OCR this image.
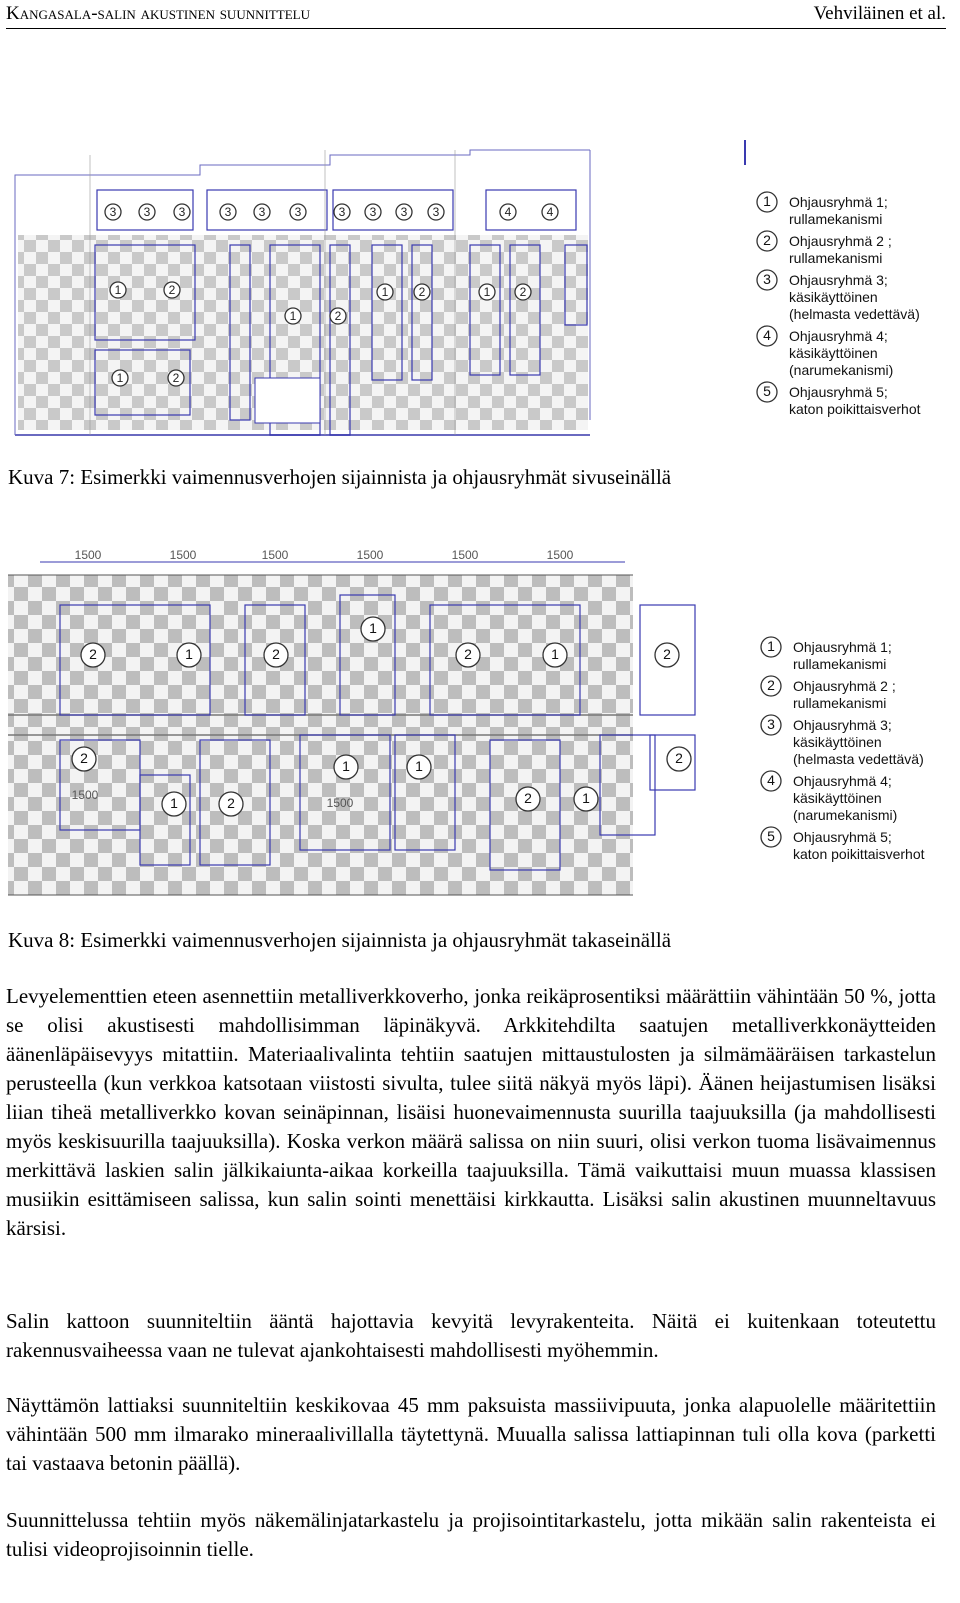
Kangasala-salin akustinen suunnittelu	Vehviläinen et al.
3 3 3	3 3 3	3 3 3 3	4	4
1	2
1	2
1	2	1 2
1	2
1 Ohjausryhmä 1;
rullamekanismi
2 Ohjausryhmä 2 ;
rullamekanismi
3 Ohjausryhmä 3;
käsikäyttöinen
(helmasta vedettävä)
4 Ohjausryhmä 4;
käsikäyttöinen
(narumekanismi)
5 Ohjausryhmä 5;
katon poikittaisverhot
Kuva 7: Esimerkki vaimennusverhojen sijainnista ja ohjausryhmät sivuseinällä
1500	1500	1500	1500	1500	1500
1500
1500
1
2	1	2	2	1	2
2	1	1	2
1	2	2	1
1 Ohjausryhmä 1;
rullamekanismi
2 Ohjausryhmä 2 ;
rullamekanismi
3 Ohjausryhmä 3;
käsikäyttöinen
(helmasta vedettävä)
4 Ohjausryhmä 4;
käsikäyttöinen
(narumekanismi)
5 Ohjausryhmä 5;
katon poikittaisverhot
Kuva 8: Esimerkki vaimennusverhojen sijainnista ja ohjausryhmät takaseinällä
Levyelementtien eteen asennettiin metalliverkkoverho, jonka reikäprosentiksi määrättiin vähintään 50 %, jotta se olisi akustisesti mahdollisimman läpinäkyvä. Arkkitehdilta saatujen metalliverkkonäytteiden äänenläpäisevyys mitattiin. Materiaalivalinta tehtiin saatujen mittaustulosten ja silmämääräisen tarkastelun perusteella (kun verkkoa katsotaan viistosti sivulta, tulee siitä näkyä myös läpi). Äänen heijastumisen lisäksi liian tiheä metalliverkko kovan seinäpinnan, lisäisi huonevaimennusta suurilla taajuuksilla (ja mahdollisesti myös keskisuurilla taajuuksilla). Koska verkon määrä salissa on niin suuri, olisi verkon tuoma lisävaimennus merkittävä laskien salin jälkikaiunta-aikaa korkeilla taajuuksilla. Tämä vaikuttaisi muun muassa klassisen musiikin esittämiseen salissa, kun salin sointi menettäisi kirkkautta. Lisäksi salin akustinen muunneltavuus kärsisi.
Salin kattoon suunniteltiin ääntä hajottavia kevyitä levyrakenteita. Näitä ei kuitenkaan toteutettu rakennusvaiheessa vaan ne tulevat ajankohtaisesti mahdollisesti myöhemmin.
Näyttämön lattiaksi suunniteltiin keskikovaa 45 mm paksuista massiivipuuta, jonka alapuolelle määritettiin vähintään 500 mm ilmarako mineraalivillalla täytettynä. Muualla salissa lattiapinnan tuli olla kova (parketti tai vastaava betonin päällä).
Suunnittelussa tehtiin myös näkemälinjatarkastelu ja projisointitarkastelu, jotta mikään salin rakenteista ei tulisi videoprojisoinnin tielle.
